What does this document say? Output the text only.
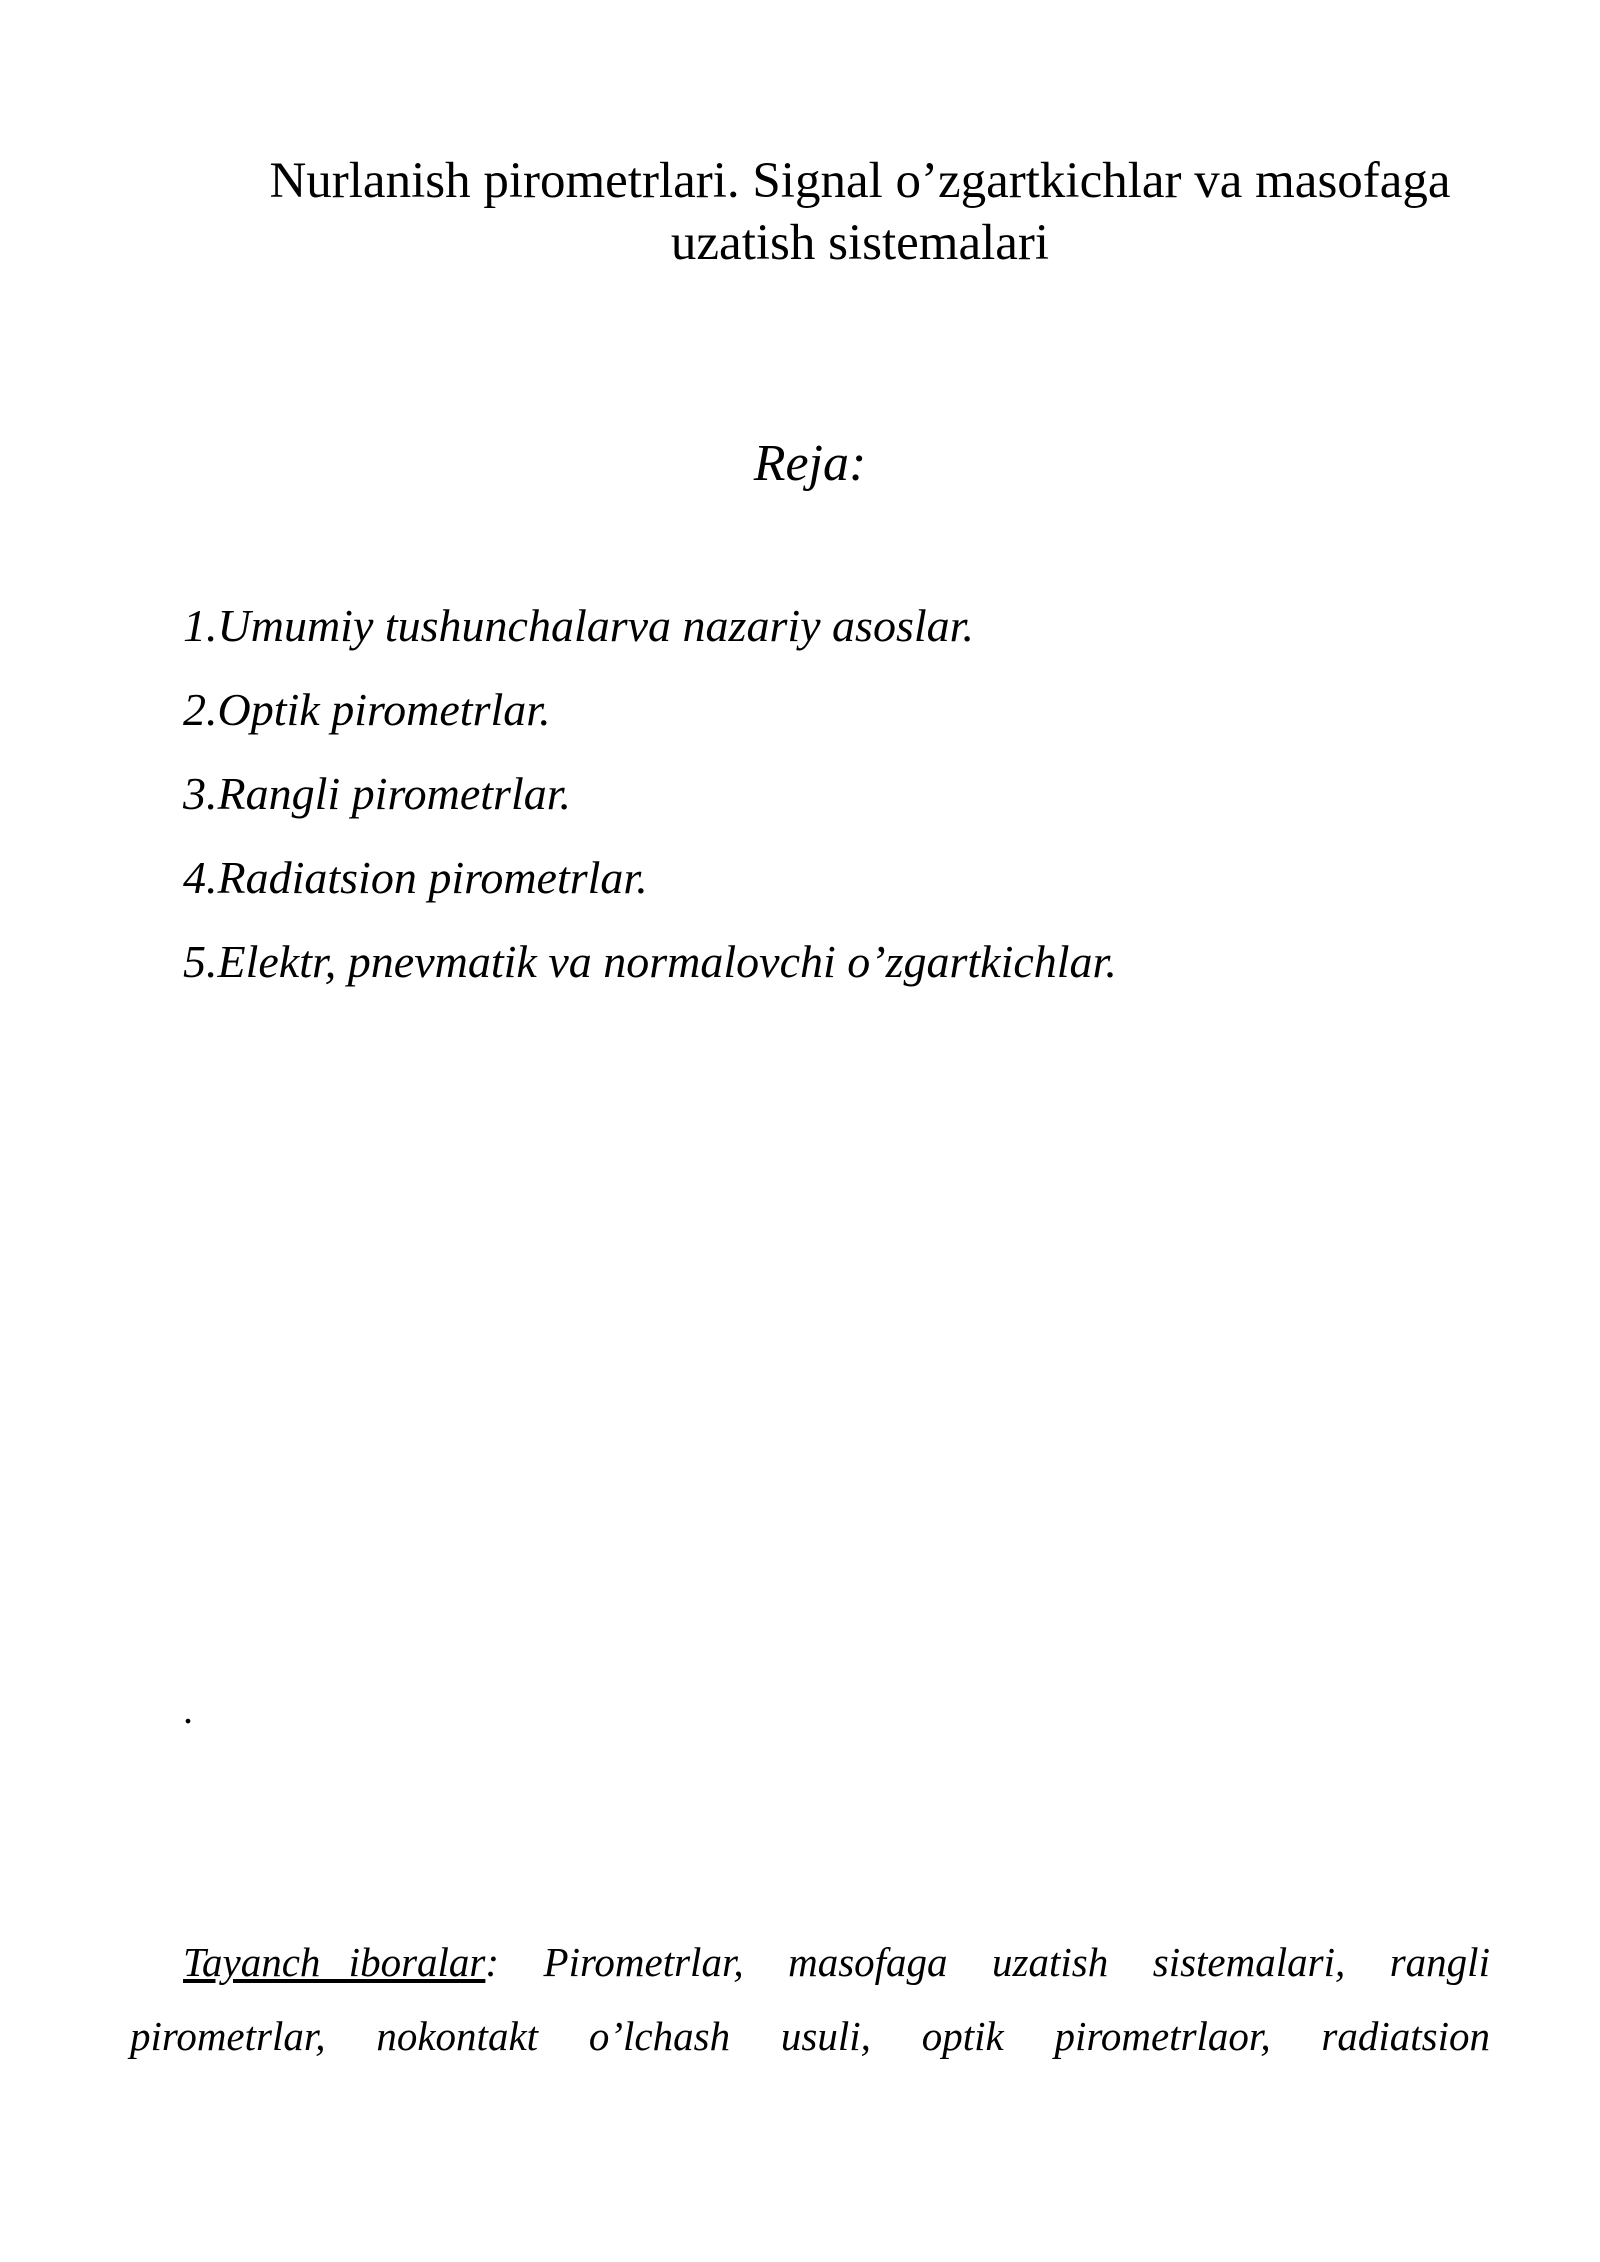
Nurlanish pirometrlari. Signal o’zgartkichlar va masofaga
uzatish sistemalari
Reja:
1.Umumiy tushunchalarva nazariy asoslar.
2.Optik pirometrlar.
3.Rangli pirometrlar.
4.Radiatsion pirometrlar.
5.Elektr, pnevmatik va normalovchi o’zgartkichlar.
.
Tayanch iboralar: Pirometrlar, masofaga uzatish sistemalari, rangli
pirometrlar, nokontakt o’lchash usuli, optik pirometrlaor, radiatsion
